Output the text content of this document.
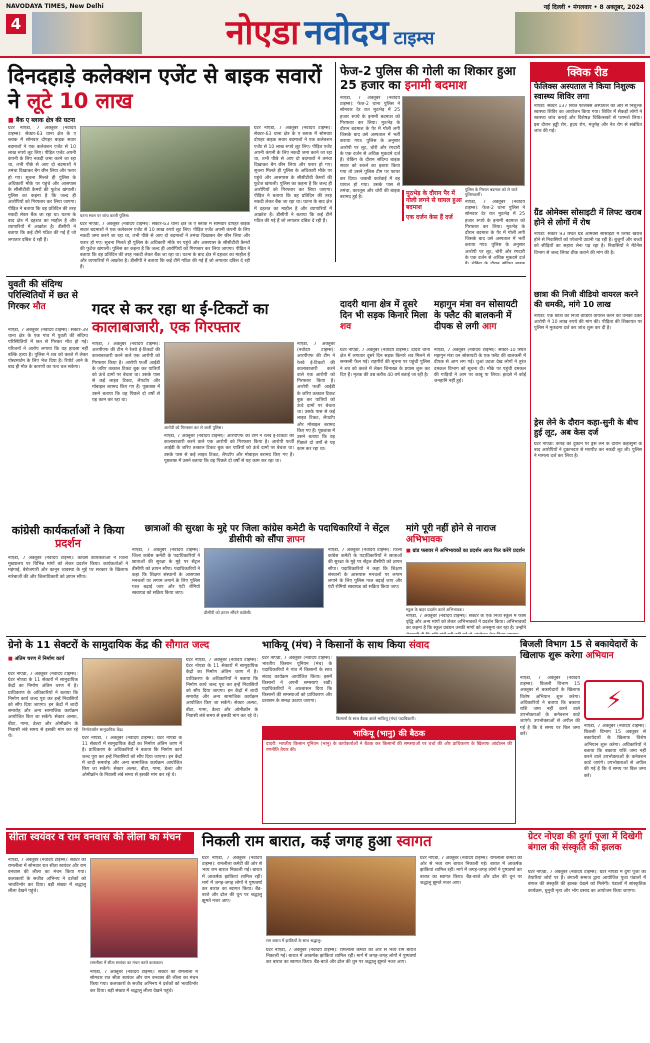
NAVODAYA TIMES, New Delhi
4	नोएडा नवोदय टाइम्स
नई दिल्ली • मंगलवार • 8 अक्तूबर, 2024
दिनदहाड़े कलेक्शन एजेंट से बाइक सवारों ने लूटे 10 लाख
■ बैंक ए ब्लाक क्षेत्र की घटना
ग्रेटर नोएडा, 7 अक्तूबर (नवोदय टाइम्स): सेक्टर-63 थाना क्षेत्र के ए ब्लाक में सोमवार दोपहर बाइक सवार बदमाशों ने एक कलेक्शन एजेंट से 10 लाख रुपये लूट लिए। पीड़ित एजेंट अपनी कंपनी के लिए नकदी जमा करने जा रहा था, तभी पीछे से आए दो बदमाशों ने तमंचा दिखाकर बैग छीन लिया और फरार हो गए। सूचना मिलते ही पुलिस के अधिकारी मौके पर पहुंचे और आसपास के सीसीटीवी कैमरों की फुटेज खंगाली। पुलिस का कहना है कि जल्द ही आरोपियों को गिरफ्तार कर लिया जाएगा। पीड़ित ने बताया कि वह प्रतिदिन की तरह नकदी लेकर बैंक जा रहा था। घटना के बाद क्षेत्र में दहशत का माहौल है और व्यापारियों में आक्रोश है। डीसीपी ने बताया कि कई टीमें गठित की गई हैं जो लगातार दबिश दे रही हैं।
घटना स्थल पर जांच करती पुलिस।
ग्रेटर नोएडा, 7 अक्तूबर (नवोदय टाइम्स): सेक्टर-63 थाना क्षेत्र के ए ब्लाक में सोमवार दोपहर बाइक सवार बदमाशों ने एक कलेक्शन एजेंट से 10 लाख रुपये लूट लिए। पीड़ित एजेंट अपनी कंपनी के लिए नकदी जमा करने जा रहा था, तभी पीछे से आए दो बदमाशों ने तमंचा दिखाकर बैग छीन लिया और फरार हो गए। सूचना मिलते ही पुलिस के अधिकारी मौके पर पहुंचे और आसपास के सीसीटीवी कैमरों की फुटेज खंगाली। पुलिस का कहना है कि जल्द ही आरोपियों को गिरफ्तार कर लिया जाएगा। पीड़ित ने बताया कि वह प्रतिदिन की तरह नकदी लेकर बैंक जा रहा था। घटना के बाद क्षेत्र में दहशत का माहौल है और व्यापारियों में आक्रोश है। डीसीपी ने बताया कि कई टीमें गठित की गई हैं जो लगातार दबिश दे रही हैं।
ग्रेटर नोएडा, 7 अक्तूबर (नवोदय टाइम्स): सेक्टर-63 थाना क्षेत्र के ए ब्लाक में सोमवार दोपहर बाइक सवार बदमाशों ने एक कलेक्शन एजेंट से 10 लाख रुपये लूट लिए। पीड़ित एजेंट अपनी कंपनी के लिए नकदी जमा करने जा रहा था, तभी पीछे से आए दो बदमाशों ने तमंचा दिखाकर बैग छीन लिया और फरार हो गए। सूचना मिलते ही पुलिस के अधिकारी मौके पर पहुंचे और आसपास के सीसीटीवी कैमरों की फुटेज खंगाली। पुलिस का कहना है कि जल्द ही आरोपियों को गिरफ्तार कर लिया जाएगा। पीड़ित ने बताया कि वह प्रतिदिन की तरह नकदी लेकर बैंक जा रहा था। घटना के बाद क्षेत्र में दहशत का माहौल है और व्यापारियों में आक्रोश है। डीसीपी ने बताया कि कई टीमें गठित की गई हैं जो लगातार दबिश दे रही हैं।
फेज-2 पुलिस की गोली का शिकार हुआ 25 हजार का इनामी बदमाश
नोएडा, 7 अक्तूबर (नवोदय टाइम्स): फेज-2 थाना पुलिस ने सोमवार देर रात मुठभेड़ में 25 हजार रुपये के इनामी बदमाश को गिरफ्तार कर लिया। मुठभेड़ के दौरान बदमाश के पैर में गोली लगी जिसके बाद उसे अस्पताल में भर्ती कराया गया। पुलिस के अनुसार आरोपी पर लूट, चोरी और रंगदारी के एक दर्जन से अधिक मुकदमे दर्ज हैं। चेकिंग के दौरान संदिग्ध बाइक सवार को रुकने का इशारा किया गया तो उसने पुलिस टीम पर फायर कर दिया। जवाबी कार्रवाई में वह घायल हो गया। उसके पास से तमंचा, कारतूस और चोरी की बाइक बरामद हुई है।
मुठभेड़ के दौरान पैर में गोली लगने से घायल हुआ बदमाश
एक दर्जन केस हैं दर्ज
पुलिस के गिरफ्त बदमाश को ले जाते पुलिसकर्मी।
नोएडा, 7 अक्तूबर (नवोदय टाइम्स): फेज-2 थाना पुलिस ने सोमवार देर रात मुठभेड़ में 25 हजार रुपये के इनामी बदमाश को गिरफ्तार कर लिया। मुठभेड़ के दौरान बदमाश के पैर में गोली लगी जिसके बाद उसे अस्पताल में भर्ती कराया गया। पुलिस के अनुसार आरोपी पर लूट, चोरी और रंगदारी के एक दर्जन से अधिक मुकदमे दर्ज
क्विक रीड
फेलिक्स अस्पताल ने किया निशुल्क स्वास्थ्य शिविर लगा
नोएडा: सेक्टर 137 स्थित फेलिक्स अस्पताल की ओर से निशुल्क स्वास्थ्य शिविर का आयोजन किया गया। शिविर में सैकड़ों लोगों ने स्वास्थ्य जांच कराई और विशेषज्ञ चिकित्सकों से परामर्श लिया। इस दौरान हड्डी रोग, हृदय रोग, मधुमेह और नेत्र रोग से संबंधित जांच की गई।
ग्रैंड ओमेक्स सोसाइटी में लिफ्ट खराब होने से लोगों में रोष
नोएडा: सेक्टर 93 स्थित ग्रैंड ओमेक्स सोसाइटी में लिफ्ट खराब होने से निवासियों को परेशानी उठानी पड़ रही है। बुजुर्गों और बच्चों को सीढ़ियों का सहारा लेना पड़ रहा है। निवासियों ने मेंटेनेंस विभाग से जल्द लिफ्ट ठीक कराने की मांग की है।
छात्रा की निजी वीडियो वायरल करने की धमकी, मांगे 10 लाख
नोएडा: एक छात्रा की निजी वीडियो वायरल करने की धमकी देकर आरोपी ने 10 लाख रुपये की मांग की। पीड़िता की शिकायत पर पुलिस ने मुकदमा दर्ज कर जांच शुरू कर दी है।
ड्रेस लेने के दौरान कहा-सुनी के बीच हुई लूट, अब केस दर्ज
ग्रेटर नोएडा: कपड़े की दुकान पर ड्रेस लेने के दौरान कहासुनी के बाद आरोपियों ने दुकानदार से मारपीट कर नकदी लूट ली। पुलिस ने मामला दर्ज कर लिया है।
युवती की संदिग्ध परिस्थितियों में छत से गिरकर मौत
नोएडा, 7 अक्तूबर (नवोदय टाइम्स): सेक्टर-39 थाना क्षेत्र के एक गांव में युवती की संदिग्ध परिस्थितियों में छत से गिरकर मौत हो गई। परिजनों ने आरोप लगाया कि यह हादसा नहीं बल्कि हत्या है। पुलिस ने शव को कब्जे में लेकर पोस्टमार्टम के लिए भेज दिया है। रिपोर्ट आने के बाद ही मौत के कारणों का पता चल सकेगा।
गदर से कर रहा था ई-टिकटों का
कालाबाजारी, एक गिरफ्तार
नोएडा, 7 अक्तूबर (नवोदय टाइम्स): आरपीएफ की टीम ने रेलवे ई-टिकटों की कालाबाजारी करने वाले एक आरोपी को गिरफ्तार किया है। आरोपी फर्जी आईडी के जरिए तत्काल टिकट बुक कर यात्रियों को ऊंचे दामों पर बेचता था। उसके पास से कई लाइव टिकट, लैपटॉप और मोबाइल बरामद किए गए हैं। पूछताछ में उसने बताया कि वह पिछले दो वर्षों से यह काम कर रहा था।
आरोपी को गिरफ्तार कर ले जाती पुलिस।
नोएडा, 7 अक्तूबर (नवोदय टाइम्स): आरपीएफ की टीम ने रेलवे ई-टिकटों की कालाबाजारी करने वाले एक आरोपी को गिरफ्तार किया है। आरोपी फर्जी आईडी के जरिए तत्काल टिकट बुक कर यात्रियों को ऊंचे दामों पर बेचता था। उसके पास से कई लाइव टिकट, लैपटॉप और मोबाइल बरामद किए गए हैं। पूछताछ में उसने बताया कि वह पिछले दो वर्षों से यह काम कर रहा था।
नोएडा, 7 अक्तूबर (नवोदय टाइम्स): आरपीएफ की टीम ने रेलवे ई-टिकटों की कालाबाजारी करने वाले एक आरोपी को गिरफ्तार किया है। आरोपी फर्जी आईडी के जरिए तत्काल टिकट बुक कर यात्रियों को ऊंचे दामों पर बेचता था। उसके पास से कई लाइव टिकट, लैपटॉप और मोबाइल बरामद किए गए हैं। पूछताछ में उसने बताया कि वह पिछले दो वर्षों से यह काम कर रहा था।
दादरी थाना क्षेत्र में दूसरे दिन भी सड़क किनारे मिला शव
ग्रेटर नोएडा, 7 अक्तूबर (नवोदय टाइम्स): दादरी थाना क्षेत्र में लगातार दूसरे दिन सड़क किनारे शव मिलने से सनसनी फैल गई। राहगीरों की सूचना पर पहुंची पुलिस ने शव को कब्जे में लेकर शिनाख्त के प्रयास शुरू कर दिए हैं। मृतक की उम्र करीब 40 वर्ष बताई जा रही है।
महागुन मंत्रा वन सोसायटी के फ्लैट की बालकनी में दीपक से लगी आग
नोएडा, 7 अक्तूबर (नवोदय टाइम्स): सेक्टर-10 स्थित महागुन मंत्रा वन सोसायटी के एक फ्लैट की बालकनी में दीपक से आग लग गई। धुआं उठता देख लोगों ने तुरंत दमकल विभाग को सूचना दी। मौके पर पहुंची दमकल की गाड़ियों ने आग पर काबू पा लिया। हादसे में कोई जनहानि नहीं हुई।
कांग्रेसी कार्यकर्ताओं ने किया प्रदर्शन
नोएडा, 7 अक्तूबर (नवोदय टाइम्स): कांग्रेस कार्यकर्ताओं ने जिला मुख्यालय पर विभिन्न मांगों को लेकर प्रदर्शन किया। कार्यकर्ताओं ने महंगाई, बेरोजगारी और कानून व्यवस्था के मुद्दे पर सरकार के खिलाफ नारेबाजी की और जिलाधिकारी को ज्ञापन सौंपा।
छात्राओं की सुरक्षा के मुद्दे पर जिला कांग्रेस कमेटी के पदाधिकारियों ने सेंट्रल डीसीपी को सौंपा ज्ञापन
नोएडा, 7 अक्तूबर (नवोदय टाइम्स): जिला कांग्रेस कमेटी के पदाधिकारियों ने छात्राओं की सुरक्षा के मुद्दे पर सेंट्रल डीसीपी को ज्ञापन सौंपा। पदाधिकारियों ने कहा कि शिक्षण संस्थानों के आसपास मनचलों पर लगाम लगाने के लिए पुलिस गश्त बढ़ाई जाए और एंटी रोमियो स्क्वायड को सक्रिय किया जाए।
डीसीपी को ज्ञापन सौंपते कांग्रेसी।
नोएडा, 7 अक्तूबर (नवोदय टाइम्स): जिला कांग्रेस कमेटी के पदाधिकारियों ने छात्राओं की सुरक्षा के मुद्दे पर सेंट्रल डीसीपी को ज्ञापन सौंपा। पदाधिकारियों ने कहा कि शिक्षण संस्थानों के आसपास मनचलों पर लगाम लगाने के लिए पुलिस गश्त बढ़ाई जाए और एंटी रोमियो स्क्वायड को सक्रिय किया जाए।
मांगे पूरी नहीं होने से नाराज अभिभावक
■ ग्रांड फ्लावर में अभिभावकों का प्रदर्शन आज फिर करेंगे प्रदर्शन
स्कूल के बाहर प्रदर्शन करते अभिभावक।
नोएडा, 7 अक्तूबर (नवोदय टाइम्स): सेक्टर के एक निजी स्कूल में फीस वृद्धि और अन्य मांगों को लेकर अभिभावकों ने प्रदर्शन किया। अभिभावकों का कहना है कि स्कूल प्रबंधन उनकी मांगों को अनसुना कर रहा है। उन्होंने
ग्रेनो के 11 सेक्टरों के सामुदायिक केंद्र की सौगात जल्द
■ अंतिम चरण में निर्माण कार्य
ग्रेटर नोएडा, 7 अक्तूबर (नवोदय टाइम्स): ग्रेटर नोएडा के 11 सेक्टरों में सामुदायिक केंद्रों का निर्माण अंतिम चरण में है। प्राधिकरण के अधिकारियों ने बताया कि निर्माण कार्य जल्द पूरा कर इन्हें निवासियों को सौंप दिया जाएगा। इन केंद्रों में शादी समारोह और अन्य सामाजिक कार्यक्रम आयोजित किए जा सकेंगे। सेक्टर अल्फा, बीटा, गामा, डेल्टा और ओमीक्रॉन के निवासी लंबे समय से इसकी मांग कर रहे थे।
निर्माणाधीन सामुदायिक केंद्र।
ग्रेटर नोएडा, 7 अक्तूबर (नवोदय टाइम्स): ग्रेटर नोएडा के 11 सेक्टरों में सामुदायिक केंद्रों का निर्माण अंतिम चरण में है। प्राधिकरण के अधिकारियों ने बताया कि निर्माण कार्य जल्द पूरा कर इन्हें निवासियों को सौंप दिया जाएगा। इन केंद्रों में शादी समारोह और अन्य सामाजिक कार्यक्रम आयोजित किए जा सकेंगे। सेक्टर अल्फा, बीटा, गामा, डेल्टा और ओमीक्रॉन के निवासी लंबे समय से इसकी मांग कर रहे थे।
ग्रेटर नोएडा, 7 अक्तूबर (नवोदय टाइम्स): ग्रेटर नोएडा के 11 सेक्टरों में सामुदायिक केंद्रों का निर्माण अंतिम चरण में है। प्राधिकरण के अधिकारियों ने बताया कि निर्माण कार्य जल्द पूरा कर इन्हें निवासियों को सौंप दिया जाएगा। इन केंद्रों में शादी समारोह और अन्य सामाजिक कार्यक्रम आयोजित किए जा सकेंगे। सेक्टर अल्फा, बीटा, गामा, डेल्टा और ओमीक्रॉन के निवासी लंबे समय से इसकी मांग कर रहे थे।
भाकियू (मंच) ने किसानों के साथ किया संवाद
ग्रेटर नोएडा, 7 अक्तूबर (नवोदय टाइम्स): भारतीय किसान यूनियन (मंच) के पदाधिकारियों ने गांव में किसानों के साथ संवाद कार्यक्रम आयोजित किया। इसमें किसानों ने अपनी समस्याएं रखीं। पदाधिकारियों ने आश्वासन दिया कि किसानों की समस्याओं को प्राधिकरण और प्रशासन के समक्ष उठाया जाएगा।
किसानों के साथ बैठक करते भाकियू (मंच) पदाधिकारी।
भाकियू (भानु) की बैठक
दादरी: भारतीय किसान यूनियन (भानु) के कार्यकर्ताओं ने बैठक कर किसानों की समस्याओं पर चर्चा की और प्राधिकरण के खिलाफ आंदोलन की रणनीति तैयार की।
बिजली विभाग 15 से बकायेदारों के खिलाफ शुरू करेगा अभियान
नोएडा, 7 अक्तूबर (नवोदय टाइम्स): बिजली विभाग 15 अक्तूबर से बकायेदारों के खिलाफ विशेष अभियान शुरू करेगा। अधिकारियों ने बताया कि बकाया राशि जमा नहीं करने वाले उपभोक्ताओं के कनेक्शन काटे जाएंगे। उपभोक्ताओं से अपील की गई है कि वे समय पर बिल जमा करें।
⚡
नोएडा, 7 अक्तूबर (नवोदय टाइम्स): बिजली विभाग 15 अक्तूबर से बकायेदारों के खिलाफ विशेष अभियान शुरू करेगा। अधिकारियों ने बताया कि बकाया राशि जमा नहीं करने वाले उपभोक्ताओं के कनेक्शन काटे जाएंगे। उपभोक्ताओं से अपील की गई है कि वे समय पर बिल जमा करें।
सीता स्वयंवर व राम वनवास की लीला का मंचन
नोएडा, 7 अक्तूबर (नवोदय टाइम्स): सेक्टर की रामलीला में सोमवार रात सीता स्वयंवर और राम वनवास की लीला का मंचन किया गया। कलाकारों के सजीव अभिनय ने दर्शकों को भावविभोर कर दिया। बड़ी संख्या में श्रद्धालु लीला देखने पहुंचे।
रामलीला में सीता स्वयंवर का मंचन करते कलाकार।
नोएडा, 7 अक्तूबर (नवोदय टाइम्स): सेक्टर की रामलीला में सोमवार रात सीता स्वयंवर और राम वनवास की लीला का मंचन किया गया। कलाकारों के सजीव अभिनय ने दर्शकों को भावविभोर कर दिया। बड़ी संख्या में श्रद्धालु लीला देखने पहुंचे।
निकली राम बारात, कई जगह हुआ स्वागत
ग्रेटर नोएडा, 7 अक्तूबर (नवोदय टाइम्स): रामलीला कमेटी की ओर से भव्य राम बारात निकाली गई। बारात में आकर्षक झांकियां शामिल रहीं। मार्ग में जगह-जगह लोगों ने पुष्पवर्षा कर बारात का स्वागत किया। बैंड-बाजे और ढोल की धुन पर श्रद्धालु झूमते नजर आए।
राम बारात में झांकियों के साथ श्रद्धालु।
ग्रेटर नोएडा, 7 अक्तूबर (नवोदय टाइम्स): रामलीला कमेटी की ओर से भव्य राम बारात निकाली गई। बारात में आकर्षक झांकियां शामिल रहीं। मार्ग में जगह-जगह लोगों ने पुष्पवर्षा कर बारात का स्वागत किया। बैंड-बाजे और ढोल की धुन पर श्रद्धालु झूमते नजर आए।
ग्रेटर नोएडा, 7 अक्तूबर (नवोदय टाइम्स): रामलीला कमेटी की ओर से भव्य राम बारात निकाली गई। बारात में आकर्षक झांकियां शामिल रहीं। मार्ग में जगह-जगह लोगों ने पुष्पवर्षा कर बारात का स्वागत किया। बैंड-बाजे और ढोल की धुन पर श्रद्धालु झूमते नजर आए।
ग्रेटर नोएडा की दुर्गा पूजा में दिखेगी बंगाल की संस्कृति की झलक
ग्रेटर नोएडा, 7 अक्तूबर (नवोदय टाइम्स): ग्रेटर नोएडा में दुर्गा पूजा की तैयारियां जोरों पर हैं। बंगाली समाज द्वारा आयोजित पूजा पंडालों में बंगाल की संस्कृति की झलक देखने को मिलेगी। पंडालों में सांस्कृतिक कार्यक्रम, धुनुची नृत्य और भोग प्रसाद का आयोजन किया जाएगा।
